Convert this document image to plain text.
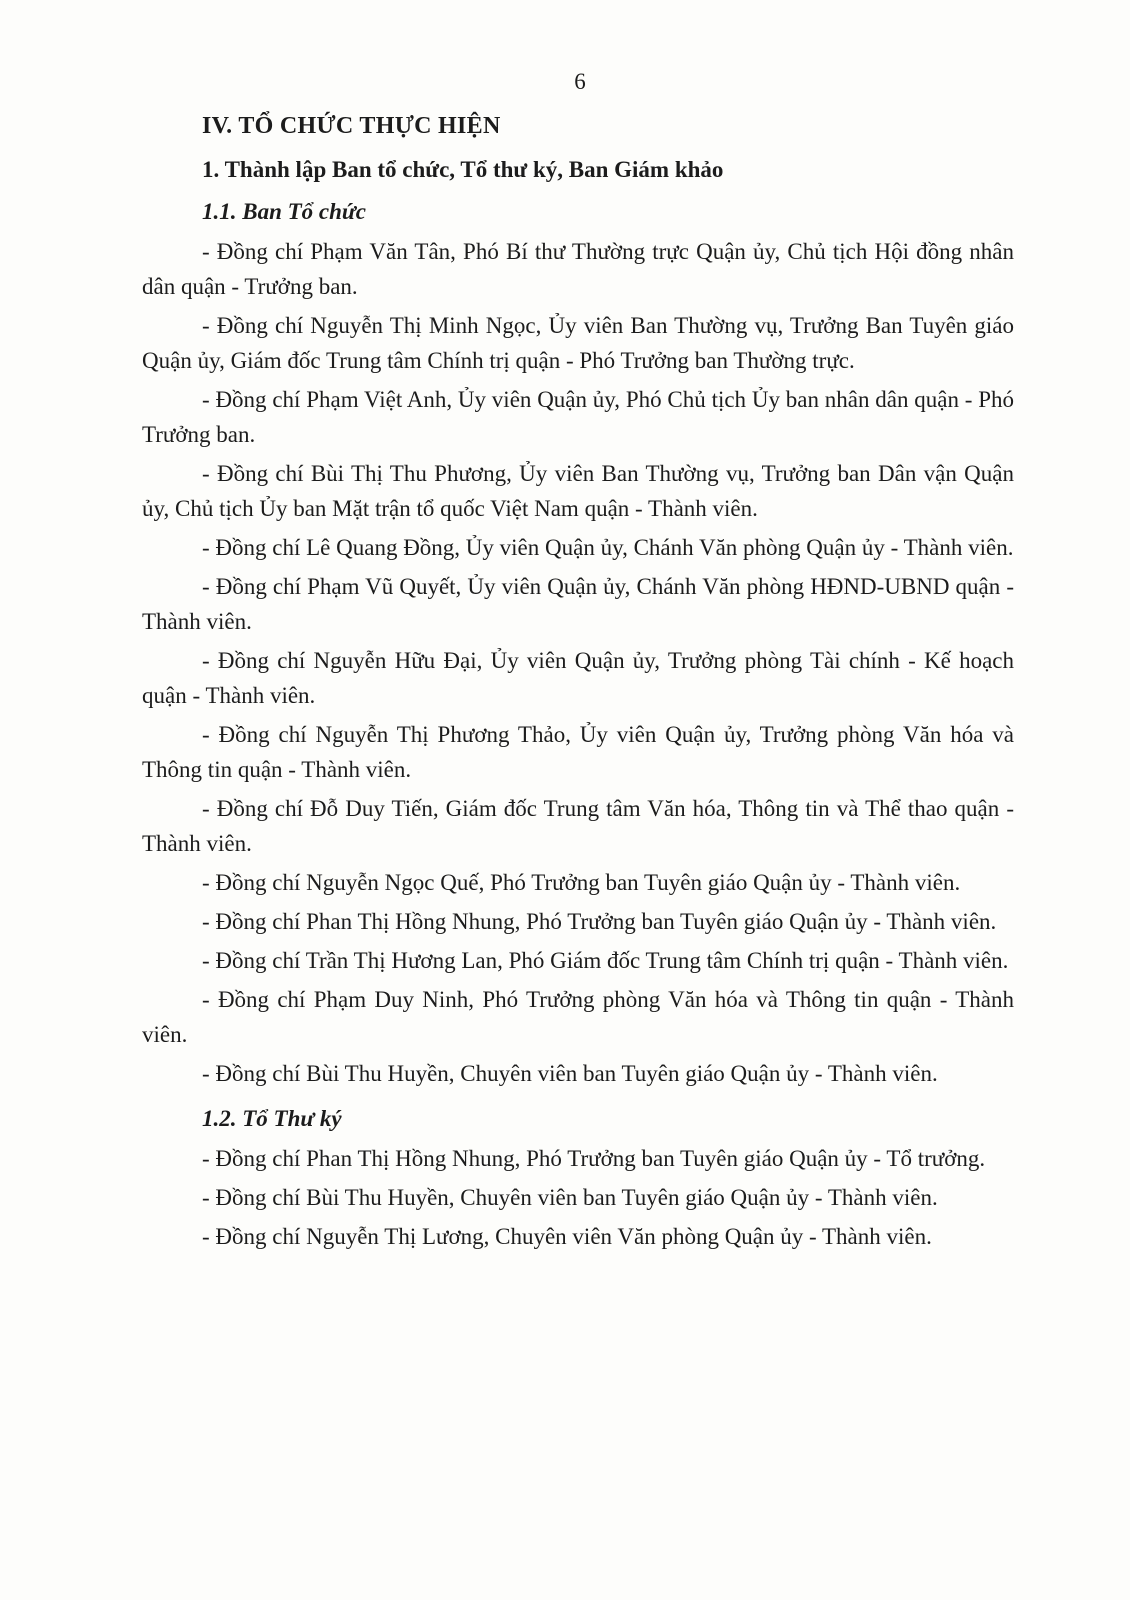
6
IV. TỔ CHỨC THỰC HIỆN
1. Thành lập Ban tổ chức, Tổ thư ký, Ban Giám khảo
1.1. Ban Tổ chức

- Đồng chí Phạm Văn Tân, Phó Bí thư Thường trực Quận ủy, Chủ tịch Hội đồng nhân dân quận - Trưởng ban.

- Đồng chí Nguyễn Thị Minh Ngọc, Ủy viên Ban Thường vụ, Trưởng Ban Tuyên giáo Quận ủy, Giám đốc Trung tâm Chính trị quận - Phó Trưởng ban Thường trực.

- Đồng chí Phạm Việt Anh, Ủy viên Quận ủy, Phó Chủ tịch Ủy ban nhân dân quận - Phó Trưởng ban.

- Đồng chí Bùi Thị Thu Phương, Ủy viên Ban Thường vụ, Trưởng ban Dân vận Quận ủy, Chủ tịch Ủy ban Mặt trận tổ quốc Việt Nam quận - Thành viên.

- Đồng chí Lê Quang Đồng, Ủy viên Quận ủy, Chánh Văn phòng Quận ủy - Thành viên.

- Đồng chí Phạm Vũ Quyết, Ủy viên Quận ủy, Chánh Văn phòng HĐND-UBND quận - Thành viên.

- Đồng chí Nguyễn Hữu Đại, Ủy viên Quận ủy, Trưởng phòng Tài chính - Kế hoạch quận - Thành viên.

- Đồng chí Nguyễn Thị Phương Thảo, Ủy viên Quận ủy, Trưởng phòng Văn hóa và Thông tin quận - Thành viên.

- Đồng chí Đỗ Duy Tiến, Giám đốc Trung tâm Văn hóa, Thông tin và Thể thao quận - Thành viên.

- Đồng chí Nguyễn Ngọc Quế, Phó Trưởng ban Tuyên giáo Quận ủy - Thành viên.

- Đồng chí Phan Thị Hồng Nhung, Phó Trưởng ban Tuyên giáo Quận ủy - Thành viên.

- Đồng chí Trần Thị Hương Lan, Phó Giám đốc Trung tâm Chính trị quận - Thành viên.

- Đồng chí Phạm Duy Ninh, Phó Trưởng phòng Văn hóa và Thông tin quận - Thành viên.

- Đồng chí Bùi Thu Huyền, Chuyên viên ban Tuyên giáo Quận ủy - Thành viên.

1.2. Tổ Thư ký

- Đồng chí Phan Thị Hồng Nhung, Phó Trưởng ban Tuyên giáo Quận ủy - Tổ trưởng.

- Đồng chí Bùi Thu Huyền, Chuyên viên ban Tuyên giáo Quận ủy - Thành viên.

- Đồng chí Nguyễn Thị Lương, Chuyên viên Văn phòng Quận ủy - Thành viên.
